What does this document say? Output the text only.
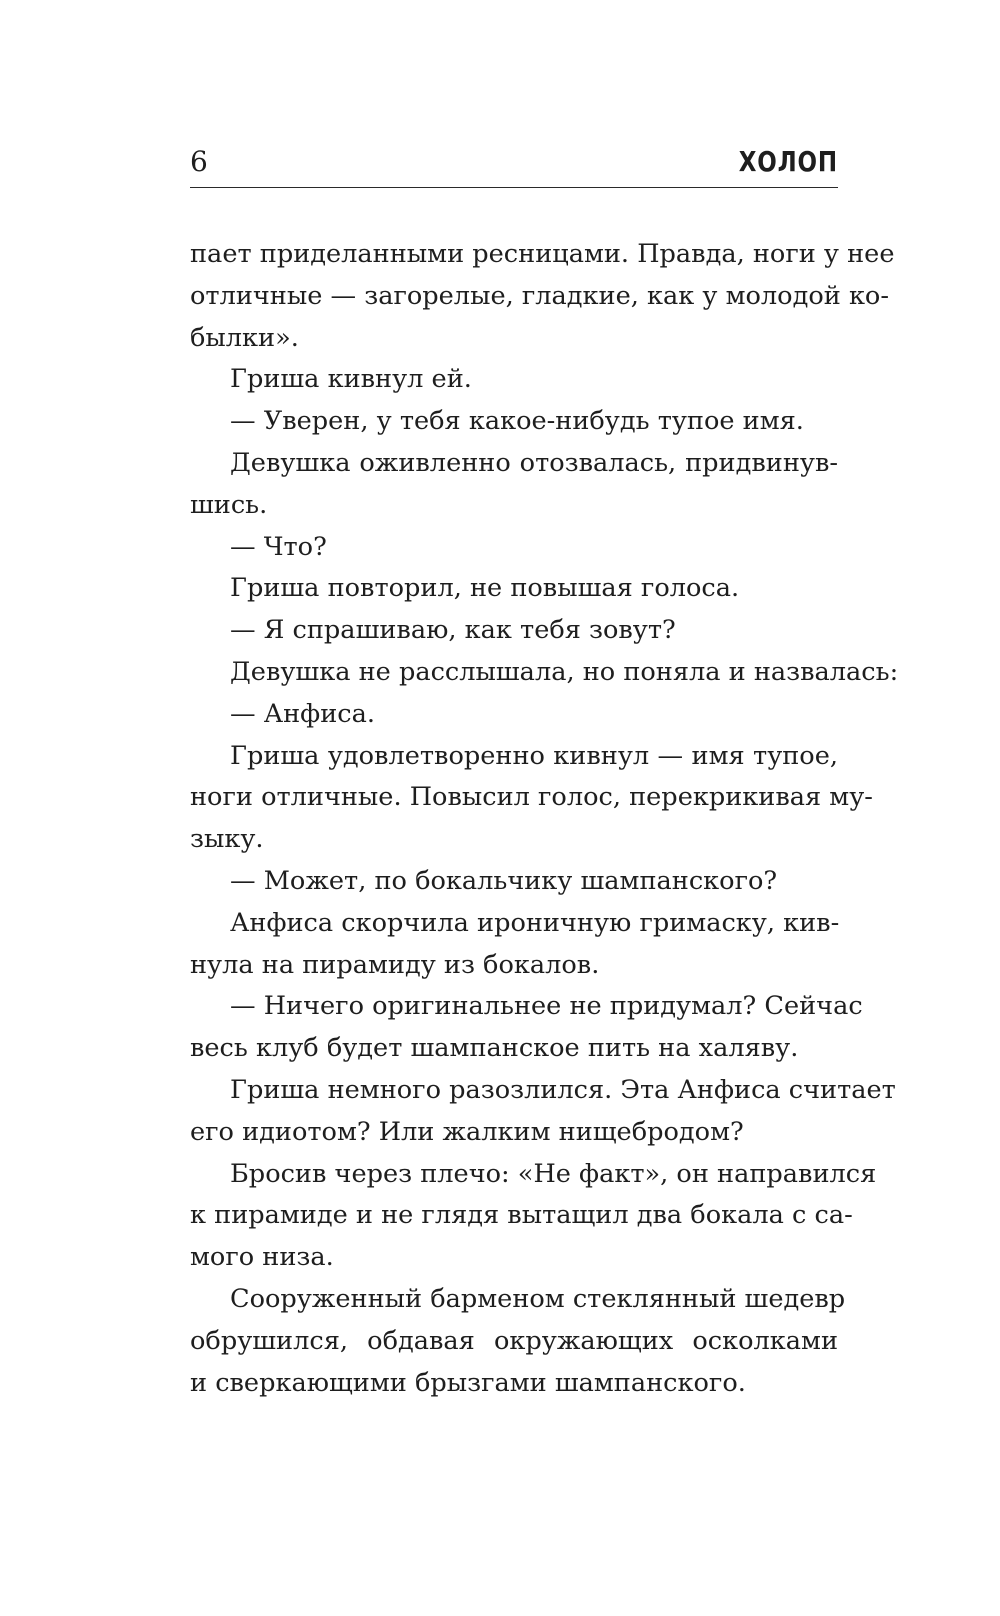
6	ХОЛОП
пает приделанными ресницами. Правда, ноги у нее
отличные — загорелые, гладкие, как у молодой ко-
былки».
Гриша кивнул ей.
— Уверен, у тебя какое-нибудь тупое имя.
Девушка оживленно отозвалась, придвинув-
шись.
— Что?
Гриша повторил, не повышая голоса.
— Я спрашиваю, как тебя зовут?
Девушка не расслышала, но поняла и назвалась:
— Анфиса.
Гриша удовлетворенно кивнул — имя тупое,
ноги отличные. Повысил голос, перекрикивая му-
зыку.
— Может, по бокальчику шампанского?
Анфиса скорчила ироничную гримаску, кив-
нула на пирамиду из бокалов.
— Ничего оригинальнее не придумал? Сейчас
весь клуб будет шампанское пить на халяву.
Гриша немного разозлился. Эта Анфиса считает
его идиотом? Или жалким нищебродом?
Бросив через плечо: «Не факт», он направился
к пирамиде и не глядя вытащил два бокала с са-
мого низа.
Сооруженный барменом стеклянный шедевр
обрушился, обдавая окружающих осколками
и сверкающими брызгами шампанского.
